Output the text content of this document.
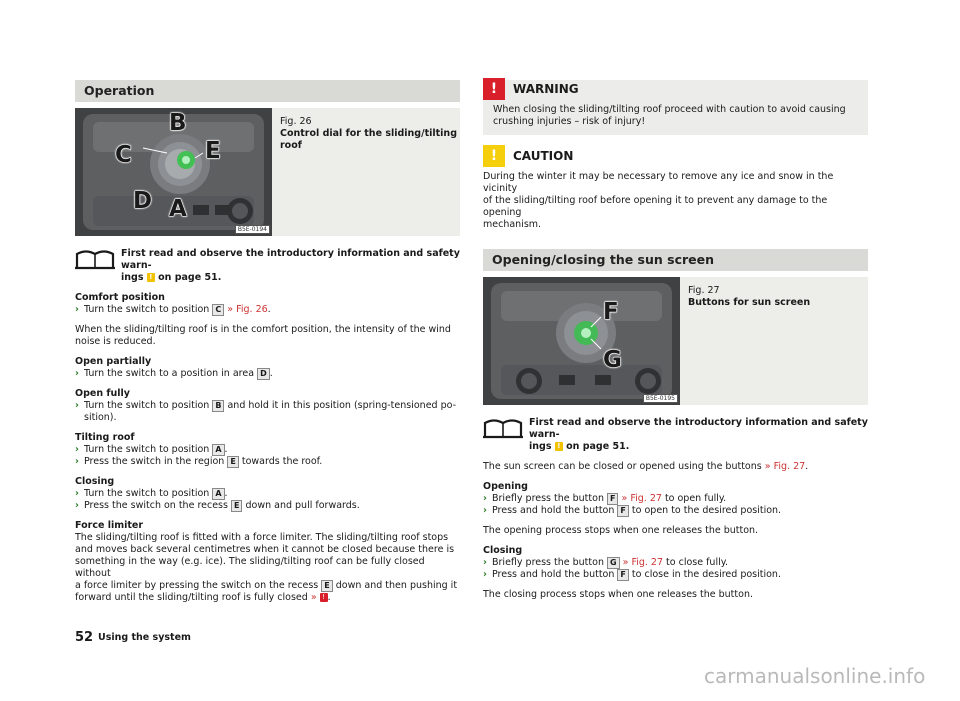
Operation
B
C	E
D A
B5E-0194
Fig. 26
Control dial for the sliding/tilting roof
First read and observe the introductory information and safety warn-
ings ! on page 51.

Comfort position

› Turn the switch to position C » Fig. 26.

When the sliding/tilting roof is in the comfort position, the intensity of the wind noise is reduced.

Open partially

› Turn the switch to a position in area D .

Open fully

› Turn the switch to position B and hold it in this position (spring-tensioned po-
sition).

Tilting roof

› Turn the switch to position A .

› Press the switch in the region E towards the roof.

Closing

› Turn the switch to position A .

› Press the switch on the recess E down and pull forwards.

Force limiter

The sliding/tilting roof is fitted with a force limiter. The sliding/tilting roof stops
and moves back several centimetres when it cannot be closed because there is
something in the way (e.g. ice). The sliding/tilting roof can be fully closed without
a force limiter by pressing the switch on the recess E down and then pushing it
forward until the sliding/tilting roof is fully closed » ! .

!	WARNING

When closing the sliding/tilting roof proceed with caution to avoid causing
crushing injuries – risk of injury!

!	CAUTION

During the winter it may be necessary to remove any ice and snow in the vicinity
of the sliding/tilting roof before opening it to prevent any damage to the opening
mechanism.

Opening/closing the sun screen
F
G
B5E-0195
Fig. 27
Buttons for sun screen
First read and observe the introductory information and safety warn-
ings ! on page 51.

The sun screen can be closed or opened using the buttons » Fig. 27.

Opening

› Briefly press the button F » Fig. 27 to open fully.

› Press and hold the button F to open to the desired position.

The opening process stops when one releases the button.

Closing

› Briefly press the button G » Fig. 27 to close fully.

› Press and hold the button F to close in the desired position.

The closing process stops when one releases the button.

52 Using the system
carmanualsonline.info
